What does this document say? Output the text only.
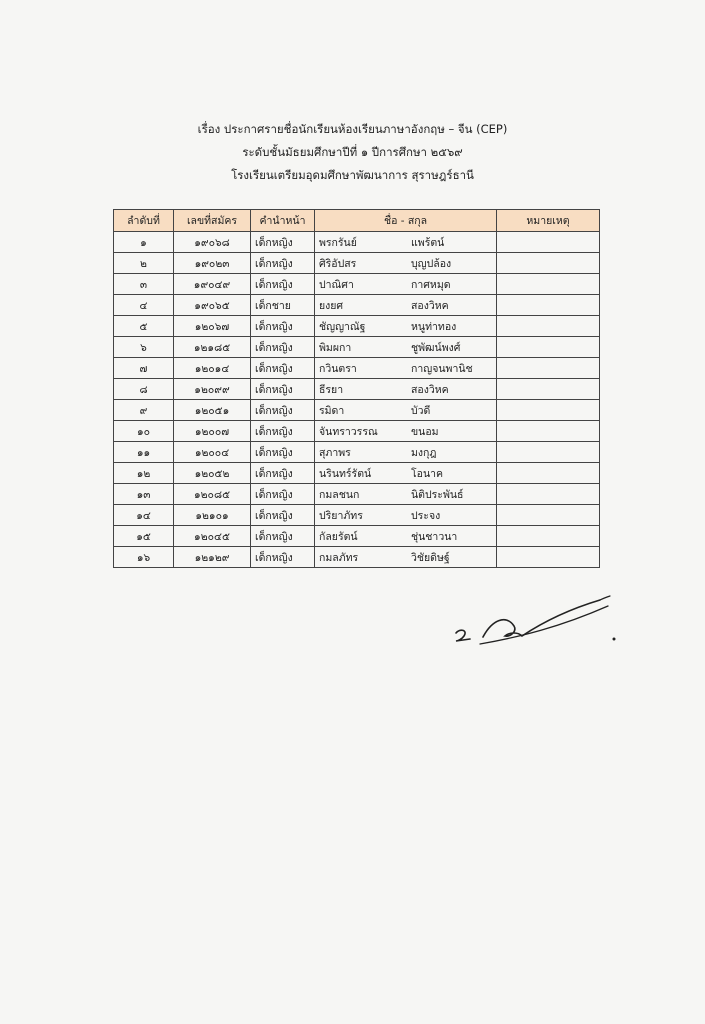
เรื่อง ประกาศรายชื่อนักเรียนห้องเรียนภาษาอังกฤษ – จีน (CEP)
ระดับชั้นมัธยมศึกษาปีที่ ๑ ปีการศึกษา ๒๕๖๙
โรงเรียนเตรียมอุดมศึกษาพัฒนาการ สุราษฎร์ธานี
ลำดับที่	เลขที่สมัคร	คำนำหน้า	ชื่อ - สกุล	หมายเหตุ
๑	๑๙๐๖๘	เด็กหญิง	พรกรันย์ แพร้ตน์	
๒	๑๙๐๒๓	เด็กหญิง	ศิริอัปสร บุญปล้อง	
๓	๑๙๐๔๙	เด็กหญิง	ปาณิศา กาศหมุด	
๔	๑๙๐๖๕	เด็กชาย	ยงยศ สองวิหค	
๕	๑๒๐๖๗	เด็กหญิง	ชัญญาณัฐ หนูท่าทอง	
๖	๑๒๑๘๕	เด็กหญิง	พิมผกา ชูพัฒน์พงศ์	
๗	๑๒๐๑๔	เด็กหญิง	กวินตรา กาญจนพานิช	
๘	๑๒๐๙๙	เด็กหญิง	ธีรยา สองวิหค	
๙	๑๒๐๕๑	เด็กหญิง	รมิดา บัวดี	
๑๐	๑๒๐๐๗	เด็กหญิง	จันทราวรรณ ขนอม	
๑๑	๑๒๐๐๔	เด็กหญิง	สุภาพร มงกุฎ	
๑๒	๑๒๐๕๒	เด็กหญิง	นรินทร์รัตน์ โอนาค	
๑๓	๑๒๐๘๕	เด็กหญิง	กมลชนก นิติประพันธ์	
๑๔	๑๒๑๐๑	เด็กหญิง	ปริยาภัทร ประจง	
๑๕	๑๒๐๔๕	เด็กหญิง	กัลยรัตน์ ชุ่นชาวนา	
๑๖	๑๒๑๒๙	เด็กหญิง	กมลภัทร วิชัยดิษฐ์	
